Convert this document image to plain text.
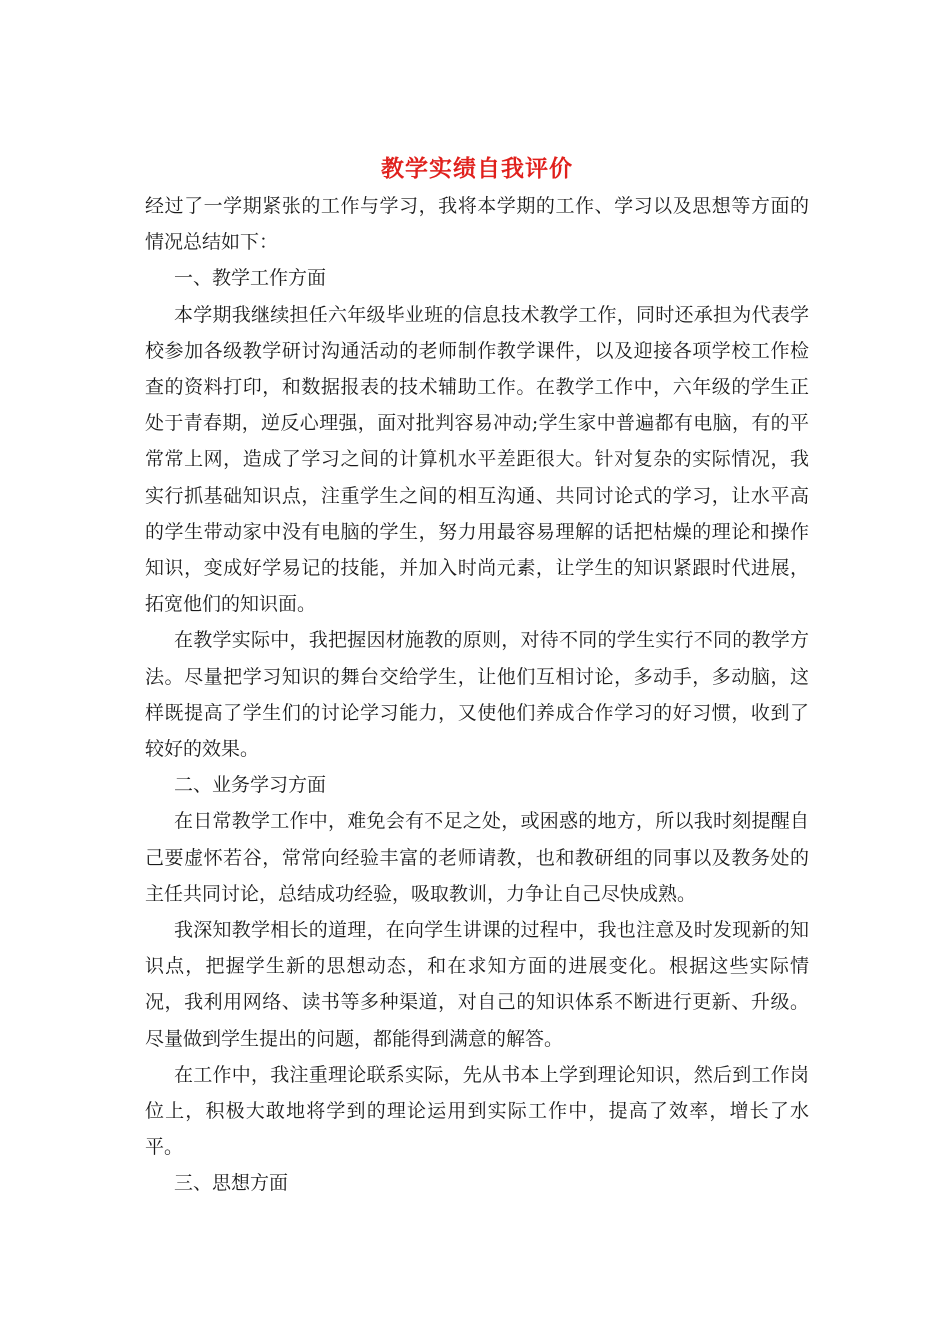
教学实绩自我评价

经过了一学期紧张的工作与学习，我将本学期的工作、学习以及思想等方面的情况总结如下：

一、教学工作方面

本学期我继续担任六年级毕业班的信息技术教学工作，同时还承担为代表学校参加各级教学研讨沟通活动的老师制作教学课件，以及迎接各项学校工作检查的资料打印，和数据报表的技术辅助工作。在教学工作中，六年级的学生正处于青春期，逆反心理强，面对批判容易冲动;学生家中普遍都有电脑，有的平常常上网，造成了学习之间的计算机水平差距很大。针对复杂的实际情况，我实行抓基础知识点，注重学生之间的相互沟通、共同讨论式的学习，让水平高的学生带动家中没有电脑的学生，努力用最容易理解的话把枯燥的理论和操作知识，变成好学易记的技能，并加入时尚元素，让学生的知识紧跟时代进展，拓宽他们的知识面。

在教学实际中，我把握因材施教的原则，对待不同的学生实行不同的教学方法。尽量把学习知识的舞台交给学生，让他们互相讨论，多动手，多动脑，这样既提高了学生们的讨论学习能力，又使他们养成合作学习的好习惯，收到了较好的效果。

二、业务学习方面

在日常教学工作中，难免会有不足之处，或困惑的地方，所以我时刻提醒自己要虚怀若谷，常常向经验丰富的老师请教，也和教研组的同事以及教务处的主任共同讨论，总结成功经验，吸取教训，力争让自己尽快成熟。

我深知教学相长的道理，在向学生讲课的过程中，我也注意及时发现新的知识点，把握学生新的思想动态，和在求知方面的进展变化。根据这些实际情况，我利用网络、读书等多种渠道，对自己的知识体系不断进行更新、升级。尽量做到学生提出的问题，都能得到满意的解答。

在工作中，我注重理论联系实际，先从书本上学到理论知识，然后到工作岗位上，积极大敢地将学到的理论运用到实际工作中，提高了效率，增长了水平。

三、思想方面
